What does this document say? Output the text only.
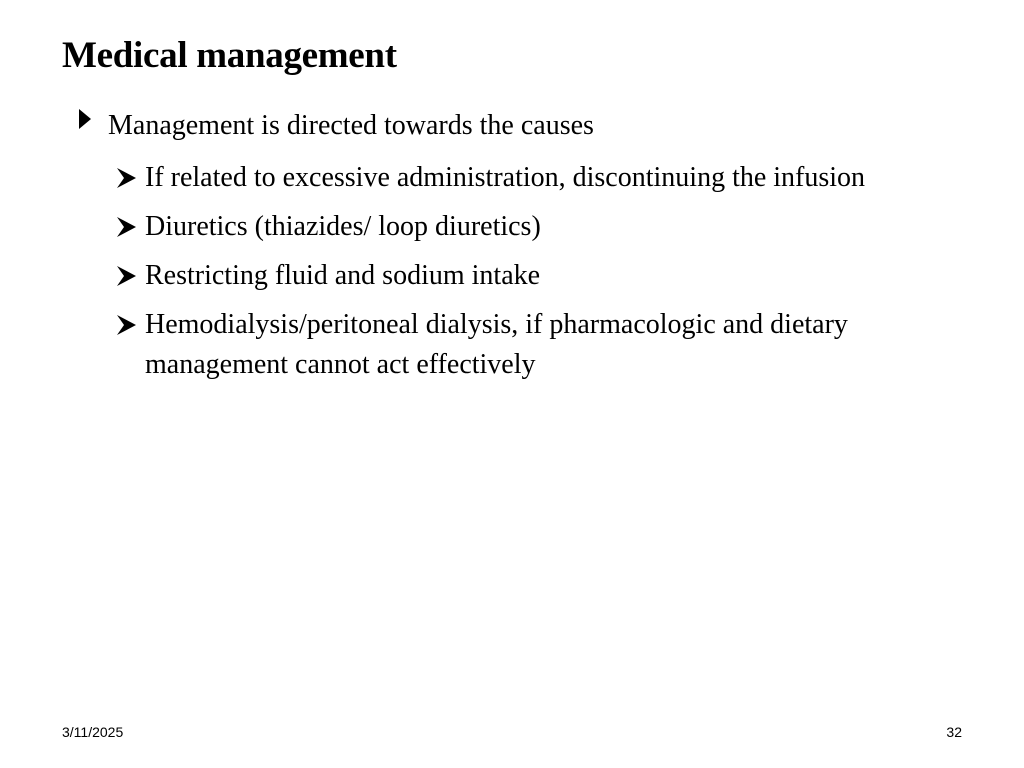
Medical management
Management is directed towards the causes
If related to excessive administration, discontinuing the infusion
Diuretics (thiazides/ loop diuretics)
Restricting fluid and sodium intake
Hemodialysis/peritoneal dialysis, if pharmacologic and dietary management cannot act effectively
3/11/2025	32
